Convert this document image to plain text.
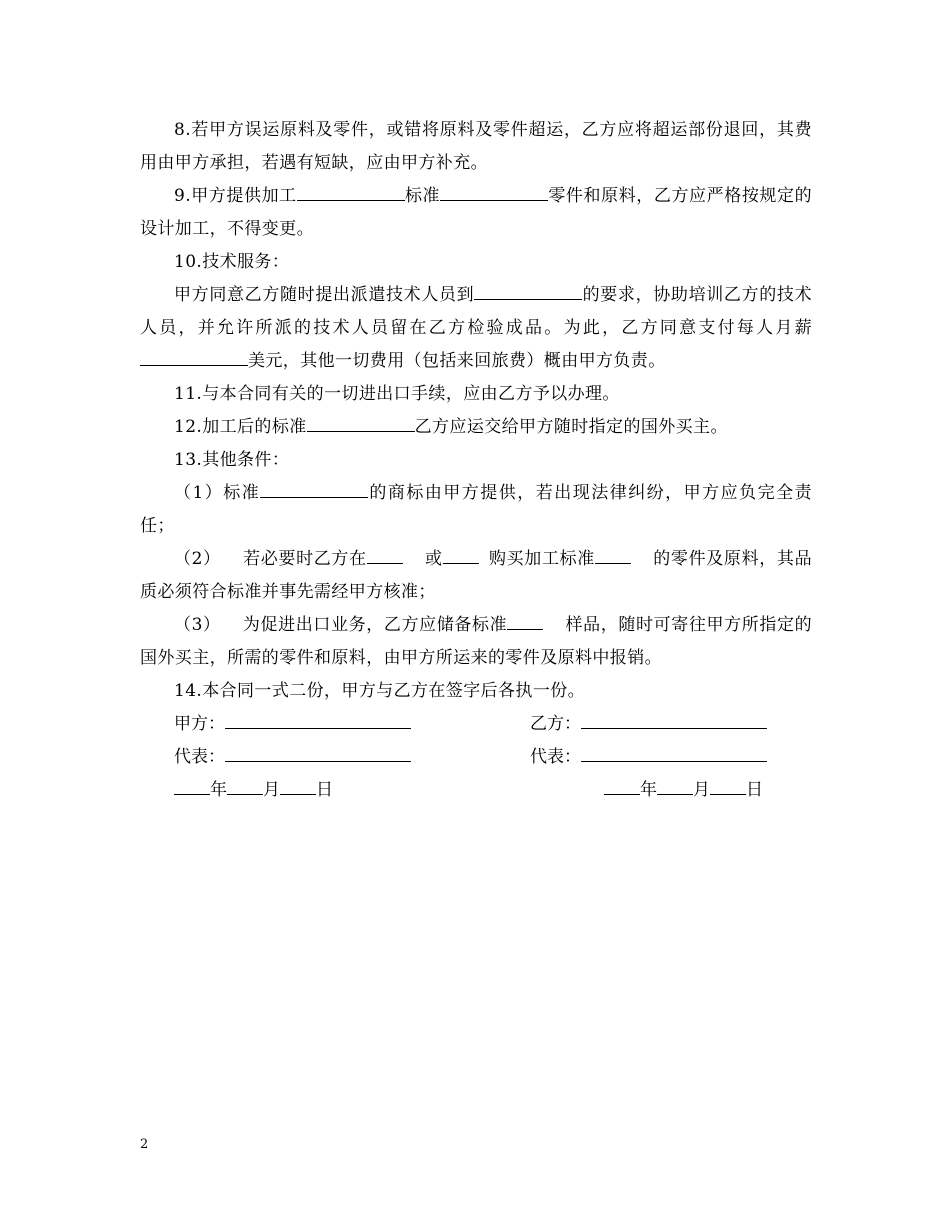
8.若甲方误运原料及零件，或错将原料及零件超运，乙方应将超运部份退回，其费用由甲方承担，若遇有短缺，应由甲方补充。

9.甲方提供加工	标准	零件和原料，乙方应严格按规定的设计加工，不得变更。

10.技术服务：

甲方同意乙方随时提出派遣技术人员到	的要求，协助培训乙方的技术人员，并允许所派的技术人员留在乙方检验成品。为此，乙方同意支付每人月薪美元，其他一切费用（包括来回旅费）概由甲方负责。

11.与本合同有关的一切进出口手续，应由乙方予以办理。

12.加工后的标准	乙方应运交给甲方随时指定的国外买主。

13.其他条件：

（1）标准	的商标由甲方提供，若出现法律纠纷，甲方应负完全责任；

（2） 若必要时乙方在	或	购买加工标准	的零件及原料，其品质必须符合标准并事先需经甲方核准；

（3） 为促进出口业务，乙方应储备标准	样品，随时可寄往甲方所指定的国外买主，所需的零件和原料，由甲方所运来的零件及原料中报销。

14.本合同一式二份，甲方与乙方在签字后各执一份。

甲方：	乙方：
代表：	代表：
年 月 日	年 月 日
2
